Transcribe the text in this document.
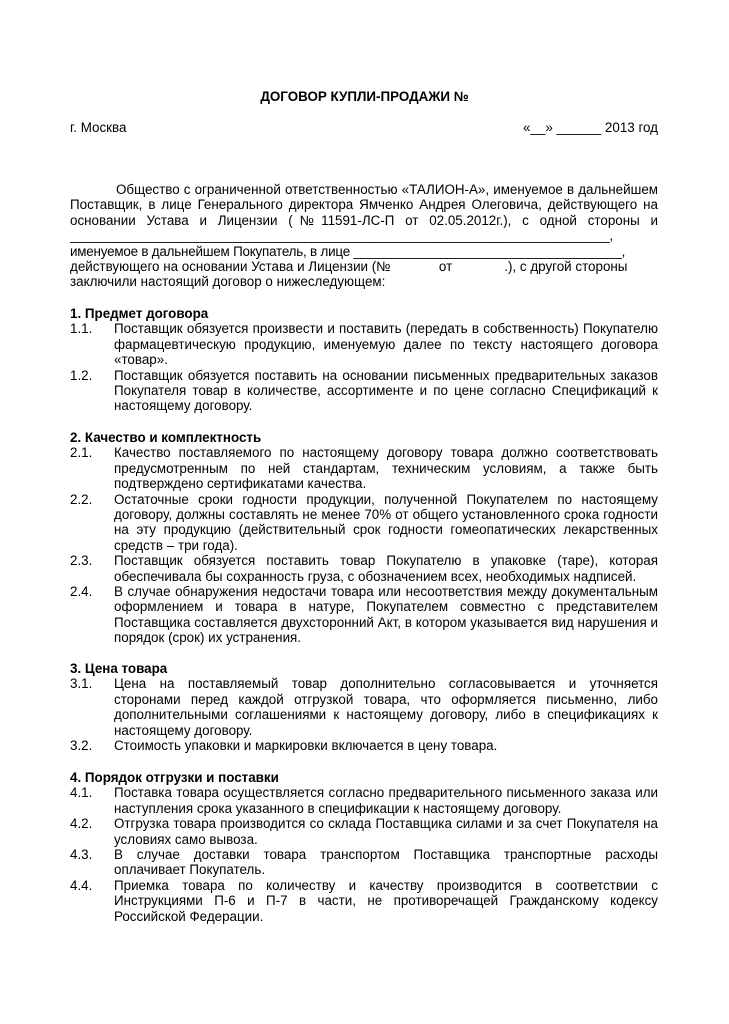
ДОГОВОР КУПЛИ-ПРОДАЖИ №
г. Москва	«__» ______ 2013 год

Общество с ограниченной ответственностью «ТАЛИОН-А», именуемое в дальнейшем

Поставщик, в лице Генерального директора Ямченко Андрея Олеговича, действующего на

основании Устава и Лицензии (№11591-ЛС-П от 02.05.2012г.), с одной стороны и

____________________________________________________________________________,

именуемое в дальнейшем Покупатель, в лице _____________________________________,

действующего на основании Устава и Лицензии (№             от              .), с другой стороны

заключили настоящий договор о нижеследующем:

1. Предмет договора

1.1.	Поставщик обязуется произвести и поставить (передать в собственность) Покупателю фармацевтическую продукцию, именуемую далее по тексту настоящего договора «товар».
1.2.	Поставщик обязуется поставить на основании письменных предварительных заказов Покупателя товар в количестве, ассортименте и по цене согласно Спецификаций к настоящему договору.

2. Качество и комплектность

2.1.	Качество поставляемого по настоящему договору товара должно соответствовать предусмотренным по ней стандартам, техническим условиям, а также быть подтверждено сертификатами качества.
2.2.	Остаточные сроки годности продукции, полученной Покупателем по настоящему договору, должны составлять не менее 70% от общего установленного срока годности на эту продукцию (действительный срок годности гомеопатических лекарственных средств – три года).
2.3.	Поставщик обязуется поставить товар Покупателю в упаковке (таре), которая обеспечивала бы сохранность груза, с обозначением всех, необходимых надписей.
2.4.	В случае обнаружения недостачи товара или несоответствия между документальным оформлением и товара в натуре, Покупателем совместно с представителем Поставщика составляется двухсторонний Акт, в котором указывается вид нарушения и порядок (срок) их устранения.

3. Цена товара

3.1.	Цена на поставляемый товар дополнительно согласовывается и уточняется сторонами перед каждой отгрузкой товара, что оформляется письменно, либо дополнительными соглашениями к настоящему договору, либо в спецификациях к настоящему договору.
3.2.	Стоимость упаковки и маркировки включается в цену товара.

4. Порядок отгрузки и поставки

4.1.	Поставка товара осуществляется согласно предварительного письменного заказа или наступления срока указанного в спецификации к настоящему договору.
4.2.	Отгрузка товара производится со склада Поставщика силами и за счет Покупателя на условиях само вывоза.
4.3.	В случае доставки товара транспортом Поставщика транспортные расходы оплачивает Покупатель.
4.4.	Приемка товара по количеству и качеству производится в соответствии с Инструкциями П-6 и П-7 в части, не противоречащей Гражданскому кодексу Российской Федерации.
